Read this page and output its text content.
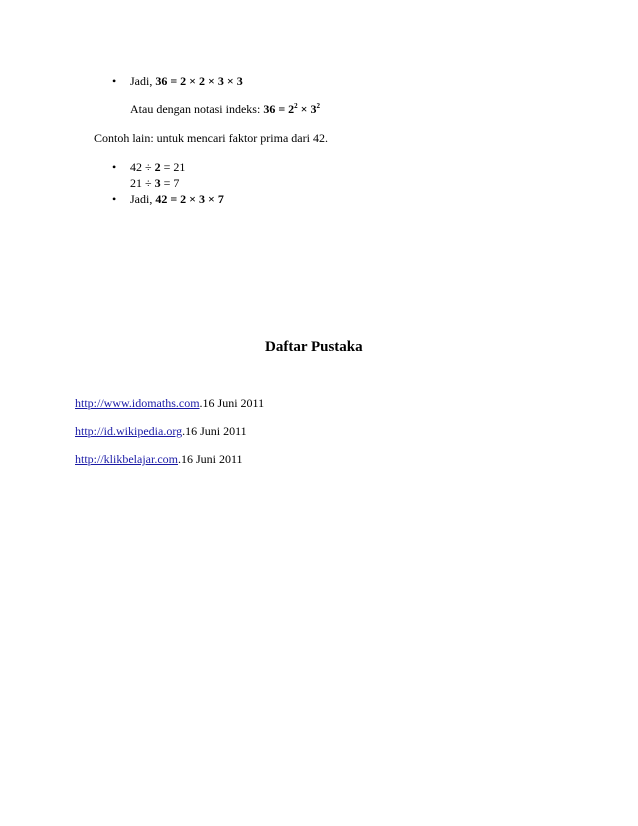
• Jadi, 36 = 2 × 2 × 3 × 3
Atau dengan notasi indeks: $36 = 2^2 \times 3^2$
Contoh lain: untuk mencari faktor prima dari 42.
• 42 ÷ 2 = 21
21 ÷ 3 = 7
• Jadi, 42 = 2 × 3 × 7
Daftar Pustaka
http://www.idomaths.com.16 Juni 2011
http://id.wikipedia.org.16 Juni 2011
http://klikbelajar.com.16 Juni 2011
